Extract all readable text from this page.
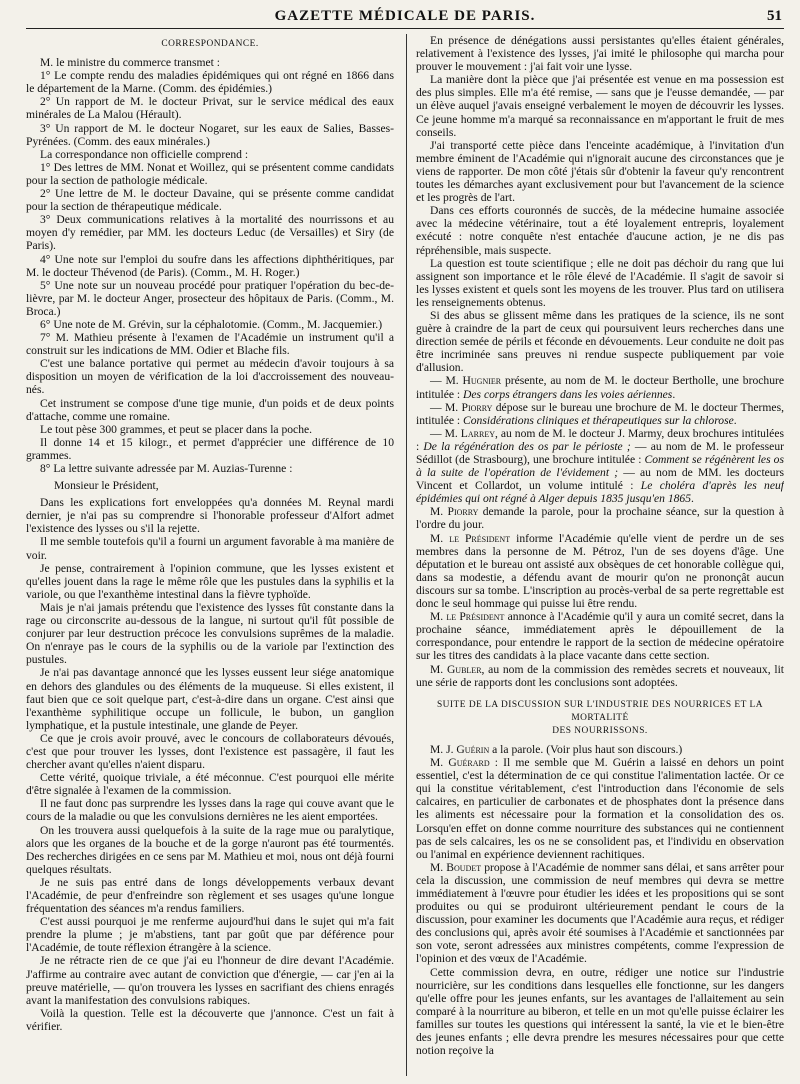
GAZETTE MÉDICALE DE PARIS.	51
CORRESPONDANCE.

M. le ministre du commerce transmet :

1° Le compte rendu des maladies épidémiques qui ont régné en 1866 dans le département de la Marne. (Comm. des épidémies.)

2° Un rapport de M. le docteur Privat, sur le service médical des eaux minérales de La Malou (Hérault).

3° Un rapport de M. le docteur Nogaret, sur les eaux de Salies, Basses-Pyrénées. (Comm. des eaux minérales.)

La correspondance non officielle comprend :

1° Des lettres de MM. Nonat et Woillez, qui se présentent comme candidats pour la section de pathologie médicale.

2° Une lettre de M. le docteur Davaine, qui se présente comme candidat pour la section de thérapeutique médicale.

3° Deux communications relatives à la mortalité des nourrissons et au moyen d'y remédier, par MM. les docteurs Leduc (de Versailles) et Siry (de Paris).

4° Une note sur l'emploi du soufre dans les affections diphthéritiques, par M. le docteur Thévenod (de Paris). (Comm., M. H. Roger.)

5° Une note sur un nouveau procédé pour pratiquer l'opération du bec-de-lièvre, par M. le docteur Anger, prosecteur des hôpitaux de Paris. (Comm., M. Broca.)

6° Une note de M. Grévin, sur la céphalotomie. (Comm., M. Jacquemier.)

7° M. Mathieu présente à l'examen de l'Académie un instrument qu'il a construit sur les indications de MM. Odier et Blache fils.

C'est une balance portative qui permet au médecin d'avoir toujours à sa disposition un moyen de vérification de la loi d'accroissement des nouveau-nés.

Cet instrument se compose d'une tige munie, d'un poids et de deux points d'attache, comme une romaine.

Le tout pèse 300 grammes, et peut se placer dans la poche.

Il donne 14 et 15 kilogr., et permet d'apprécier une différence de 10 grammes.

8° La lettre suivante adressée par M. Auzias-Turenne :

Monsieur le Président,

Dans les explications fort enveloppées qu'a données M. Reynal mardi dernier, je n'ai pas su comprendre si l'honorable professeur d'Alfort admet l'existence des lysses ou s'il la rejette.

Il me semble toutefois qu'il a fourni un argument favorable à ma manière de voir.

Je pense, contrairement à l'opinion commune, que les lysses existent et qu'elles jouent dans la rage le même rôle que les pustules dans la syphilis et la variole, ou que l'exanthème intestinal dans la fièvre typhoïde.

Mais je n'ai jamais prétendu que l'existence des lysses fût constante dans la rage ou circonscrite au-dessous de la langue, ni surtout qu'il fût possible de conjurer par leur destruction précoce les convulsions suprêmes de la maladie. On n'enraye pas le cours de la syphilis ou de la variole par l'extinction des pustules.

Je n'ai pas davantage annoncé que les lysses eussent leur siége anatomique en dehors des glandules ou des éléments de la muqueuse. Si elles existent, il faut bien que ce soit quelque part, c'est-à-dire dans un organe. C'est ainsi que l'exanthème syphilitique occupe un follicule, le bubon, un ganglion lymphatique, et la pustule intestinale, une glande de Peyer.

Ce que je crois avoir prouvé, avec le concours de collaborateurs dévoués, c'est que pour trouver les lysses, dont l'existence est passagère, il faut les chercher avant qu'elles n'aient disparu.

Cette vérité, quoique triviale, a été méconnue. C'est pourquoi elle mérite d'être signalée à l'examen de la commission.

Il ne faut donc pas surprendre les lysses dans la rage qui couve avant que le cours de la maladie ou que les convulsions dernières ne les aient emportées.

On les trouvera aussi quelquefois à la suite de la rage mue ou paralytique, alors que les organes de la bouche et de la gorge n'auront pas été tourmentés. Des recherches dirigées en ce sens par M. Mathieu et moi, nous ont déjà fourni quelques résultats.

Je ne suis pas entré dans de longs développements verbaux devant l'Académie, de peur d'enfreindre son règlement et ses usages qu'une longue fréquentation des séances m'a rendus familiers.

C'est aussi pourquoi je me renferme aujourd'hui dans le sujet qui m'a fait prendre la plume ; je m'abstiens, tant par goût que par déférence pour l'Académie, de toute réflexion étrangère à la science.

Je ne rétracte rien de ce que j'ai eu l'honneur de dire devant l'Académie. J'affirme au contraire avec autant de conviction que d'énergie, — car j'en ai la preuve matérielle, — qu'on trouvera les lysses en sacrifiant des chiens enragés avant la manifestation des convulsions rabiques.

Voilà la question. Telle est la découverte que j'annonce. C'est un fait à vérifier.

En présence de dénégations aussi persistantes qu'elles étaient générales, relativement à l'existence des lysses, j'ai imité le philosophe qui marcha pour prouver le mouvement : j'ai fait voir une lysse.

La manière dont la pièce que j'ai présentée est venue en ma possession est des plus simples. Elle m'a été remise, — sans que je l'eusse demandée, — par un élève auquel j'avais enseigné verbalement le moyen de découvrir les lysses. Ce jeune homme m'a marqué sa reconnaissance en m'apportant le fruit de mes conseils.

J'ai transporté cette pièce dans l'enceinte académique, à l'invitation d'un membre éminent de l'Académie qui n'ignorait aucune des circonstances que je viens de rapporter. De mon côté j'étais sûr d'obtenir la faveur qu'y rencontrent toutes les démarches ayant exclusivement pour but l'avancement de la science et les progrès de l'art.

Dans ces efforts couronnés de succès, de la médecine humaine associée avec la médecine vétérinaire, tout a été loyalement entrepris, loyalement exécuté : notre conquête n'est entachée d'aucune action, je ne dis pas répréhensible, mais suspecte.

La question est toute scientifique ; elle ne doit pas déchoir du rang que lui assignent son importance et le rôle élevé de l'Académie. Il s'agit de savoir si les lysses existent et quels sont les moyens de les trouver. Plus tard on utilisera les renseignements obtenus.

Si des abus se glissent même dans les pratiques de la science, ils ne sont guère à craindre de la part de ceux qui poursuivent leurs recherches dans une direction semée de périls et féconde en dévouements. Leur conduite ne doit pas être incriminée sans preuves ni rendue suspecte publiquement par voie d'allusion.

— M. Hugnier présente, au nom de M. le docteur Bertholle, une brochure intitulée : Des corps étrangers dans les voies aériennes.

— M. Piorry dépose sur le bureau une brochure de M. le docteur Thermes, intitulée : Considérations cliniques et thérapeutiques sur la chlorose.

— M. Larrey, au nom de M. le docteur J. Marmy, deux brochures intitulées : De la régénération des os par le périoste ; — au nom de M. le professeur Sédillot (de Strasbourg), une brochure intitulée : Comment se régénèrent les os à la suite de l'opération de l'évidement ; — au nom de MM. les docteurs Vincent et Collardot, un volume intitulé : Le choléra d'après les neuf épidémies qui ont régné à Alger depuis 1835 jusqu'en 1865.

M. Piorry demande la parole, pour la prochaine séance, sur la question à l'ordre du jour.

M. le Président informe l'Académie qu'elle vient de perdre un de ses membres dans la personne de M. Pétroz, l'un de ses doyens d'âge. Une députation et le bureau ont assisté aux obsèques de cet honorable collègue qui, dans sa modestie, a défendu avant de mourir qu'on ne prononçât aucun discours sur sa tombe. L'inscription au procès-verbal de sa perte regrettable est donc le seul hommage qui puisse lui être rendu.

M. le Président annonce à l'Académie qu'il y aura un comité secret, dans la prochaine séance, immédiatement après le dépouillement de la correspondance, pour entendre le rapport de la section de médecine opératoire sur les titres des candidats à la place vacante dans cette section.

M. Gubler, au nom de la commission des remèdes secrets et nouveaux, lit une série de rapports dont les conclusions sont adoptées.

SUITE DE LA DISCUSSION SUR L'INDUSTRIE DES NOURRICES ET LA MORTALITÉ
DES NOURRISSONS.

M. J. Guérin a la parole. (Voir plus haut son discours.)

M. Guérard : Il me semble que M. Guérin a laissé en dehors un point essentiel, c'est la détermination de ce qui constitue l'alimentation lactée. Or ce qui la constitue véritablement, c'est l'introduction dans l'économie de sels calcaires, en particulier de carbonates et de phosphates dont la présence dans les aliments est nécessaire pour la formation et la consolidation des os. Lorsqu'en effet on donne comme nourriture des substances qui ne contiennent pas de sels calcaires, les os ne se consolident pas, et l'individu en observation ou l'animal en expérience deviennent rachitiques.

M. Boudet propose à l'Académie de nommer sans délai, et sans arrêter pour cela la discussion, une commission de neuf membres qui devra se mettre immédiatement à l'œuvre pour étudier les idées et les propositions qui se sont produites ou qui se produiront ultérieurement pendant le cours de la discussion, pour examiner les documents que l'Académie aura reçus, et rédiger des conclusions qui, après avoir été soumises à l'Académie et sanctionnées par son vote, seront adressées aux ministres compétents, comme l'expression de l'opinion et des vœux de l'Académie.

Cette commission devra, en outre, rédiger une notice sur l'industrie nourricière, sur les conditions dans lesquelles elle fonctionne, sur les dangers qu'elle offre pour les jeunes enfants, sur les avantages de l'allaitement au sein comparé à la nourriture au biberon, et telle en un mot qu'elle puisse éclairer les familles sur toutes les questions qui intéressent la santé, la vie et le bien-être des jeunes enfants ; elle devra prendre les mesures nécessaires pour que cette notion reçoive la
